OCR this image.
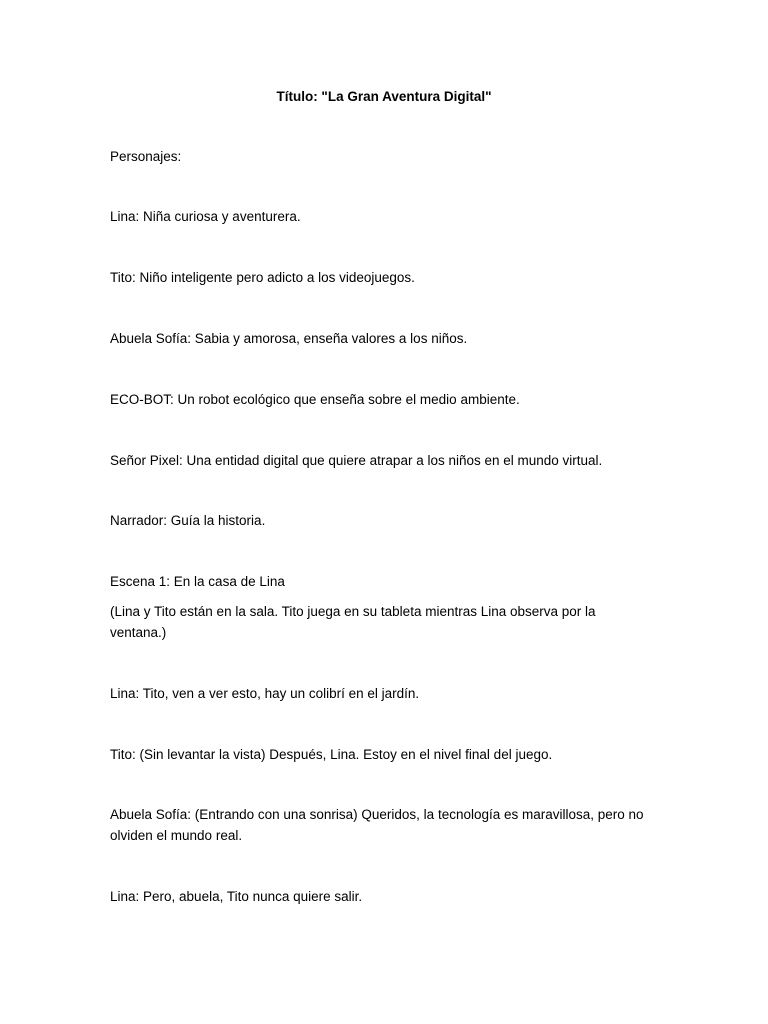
Título: "La Gran Aventura Digital"
Personajes:
Lina: Niña curiosa y aventurera.
Tito: Niño inteligente pero adicto a los videojuegos.
Abuela Sofía: Sabia y amorosa, enseña valores a los niños.
ECO-BOT: Un robot ecológico que enseña sobre el medio ambiente.
Señor Pixel: Una entidad digital que quiere atrapar a los niños en el mundo virtual.
Narrador: Guía la historia.
Escena 1: En la casa de Lina
(Lina y Tito están en la sala. Tito juega en su tableta mientras Lina observa por la ventana.)
Lina: Tito, ven a ver esto, hay un colibrí en el jardín.
Tito: (Sin levantar la vista) Después, Lina. Estoy en el nivel final del juego.
Abuela Sofía: (Entrando con una sonrisa) Queridos, la tecnología es maravillosa, pero no olviden el mundo real.
Lina: Pero, abuela, Tito nunca quiere salir.
